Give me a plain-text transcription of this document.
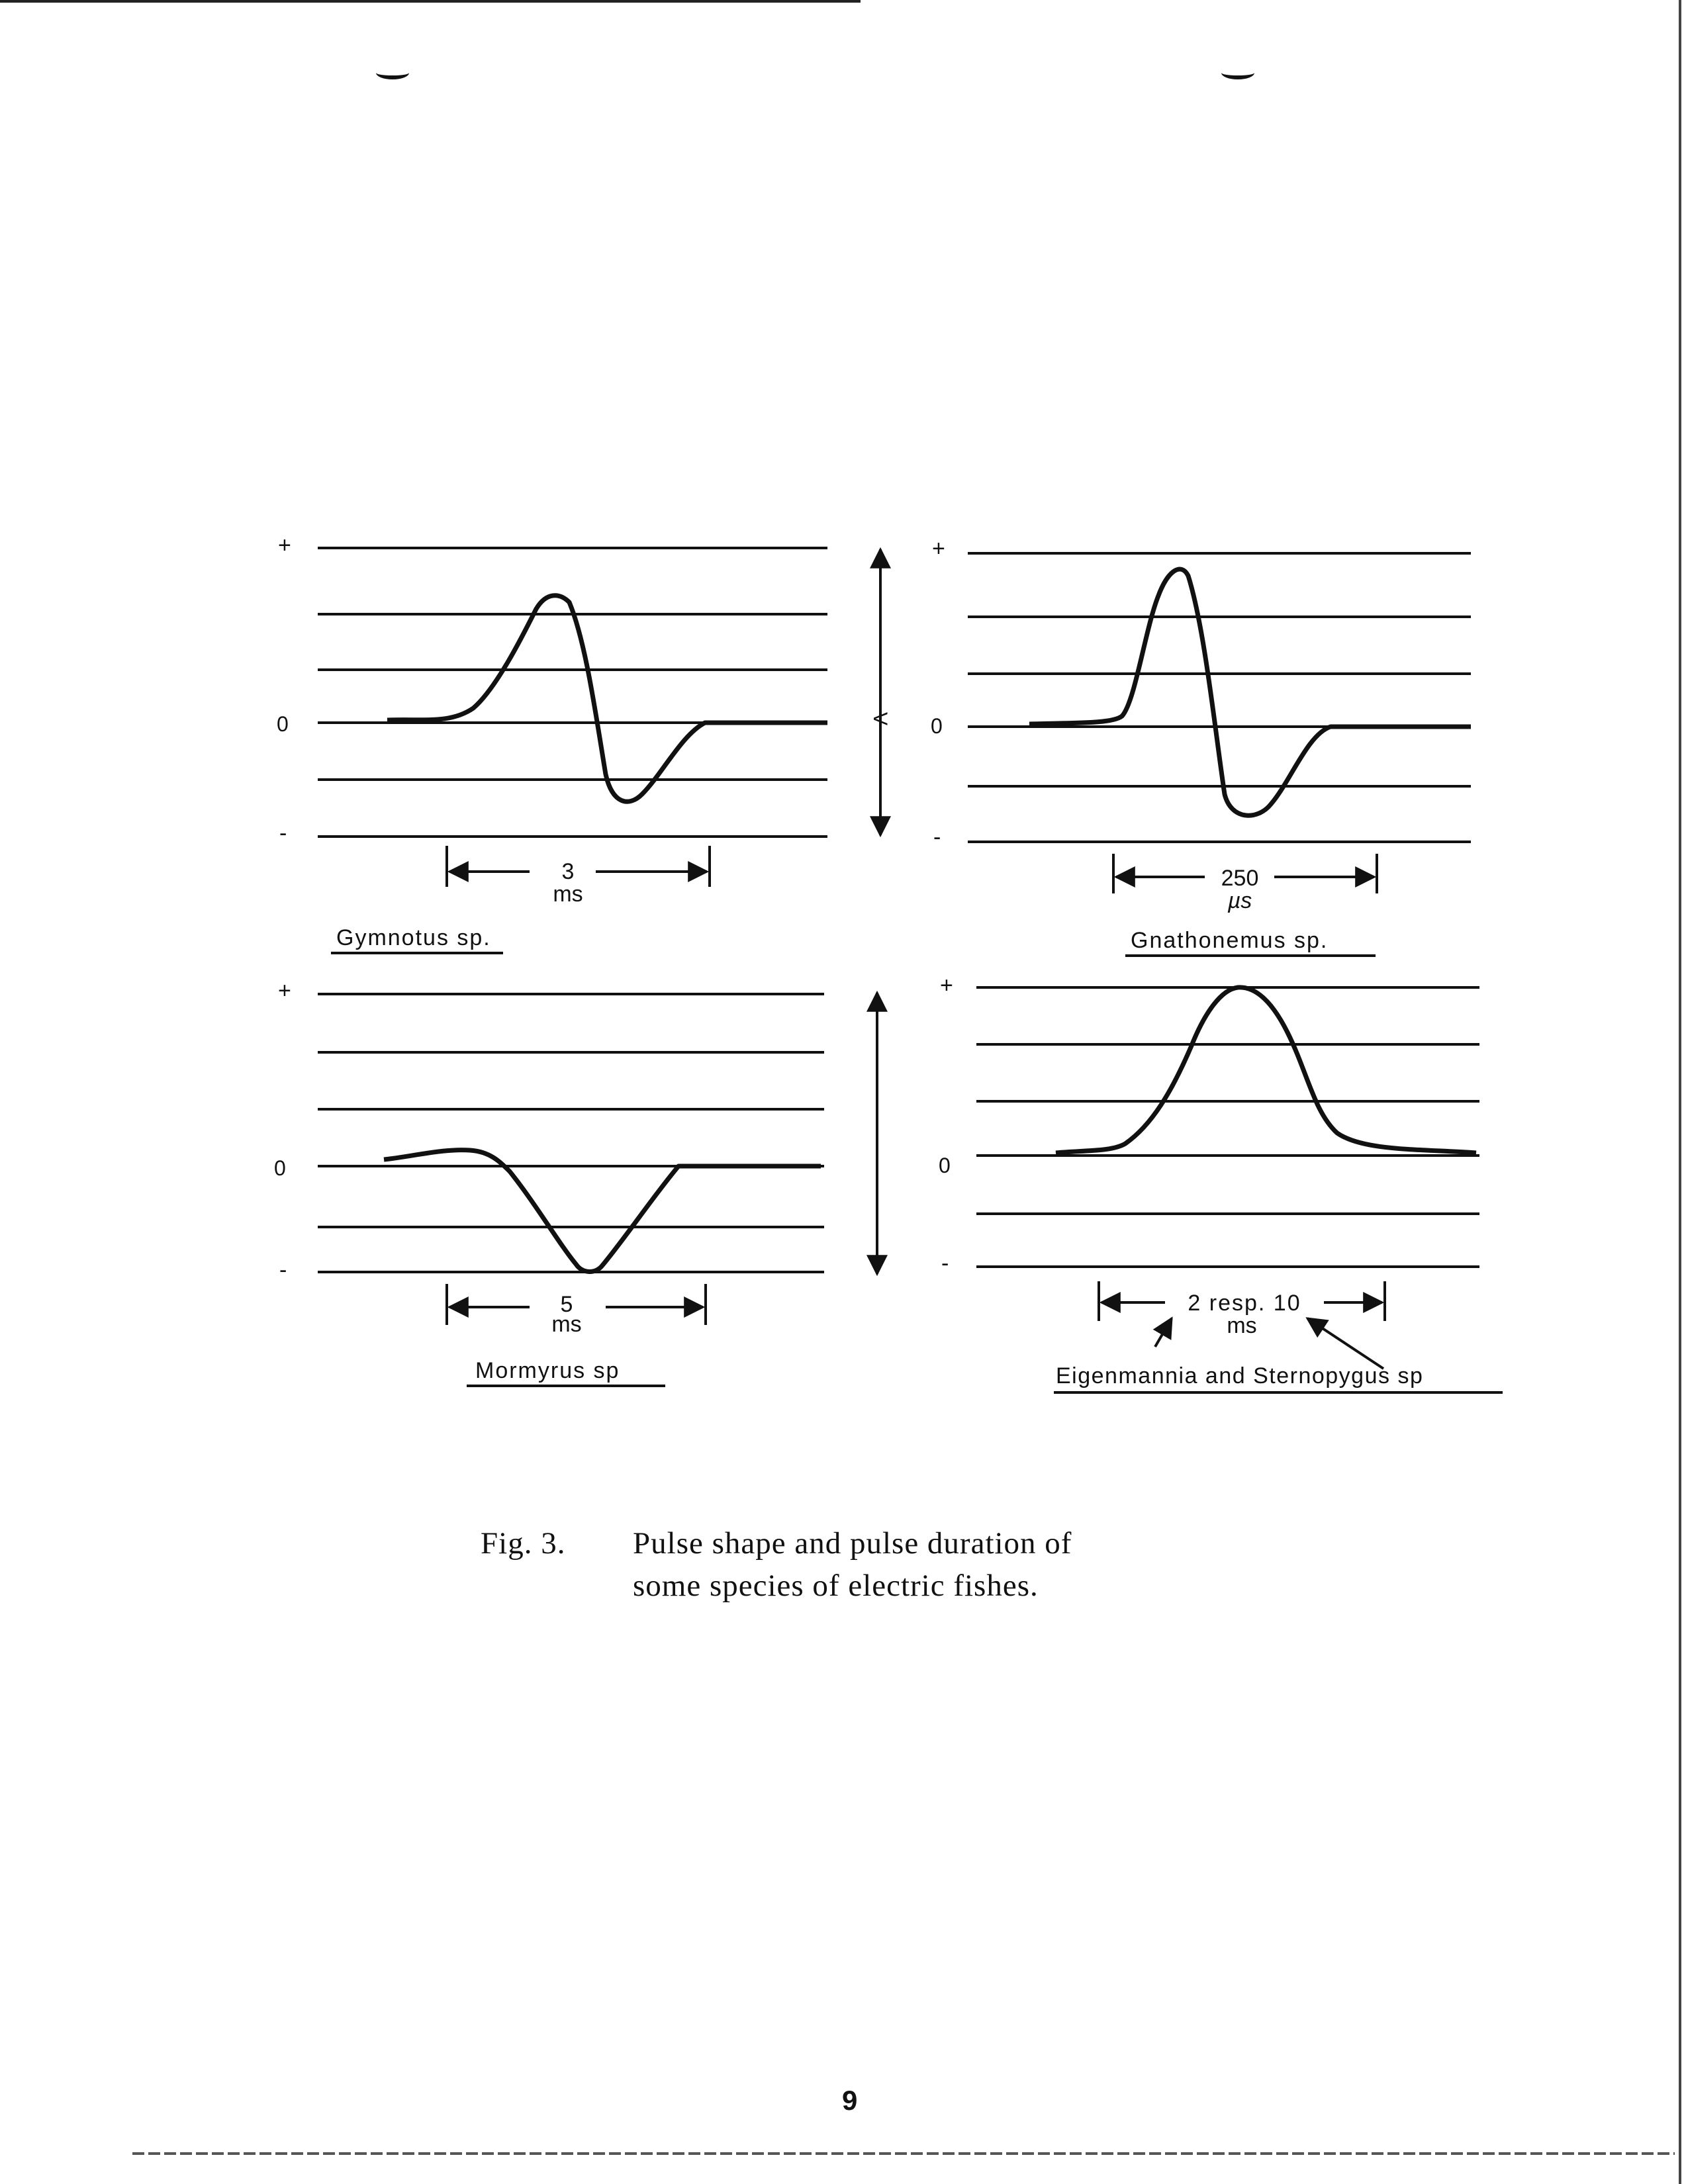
+
0
-
3
ms
Gymnotus sp.
V
+
0
-
250
µs
Gnathonemus sp.
+
0
-
5
ms
Mormyrus sp
+
0
-
2 resp. 10
ms
Eigenmannia and Sternopygus sp
Fig. 3. Pulse shape and pulse duration of
some species of electric fishes.
9
